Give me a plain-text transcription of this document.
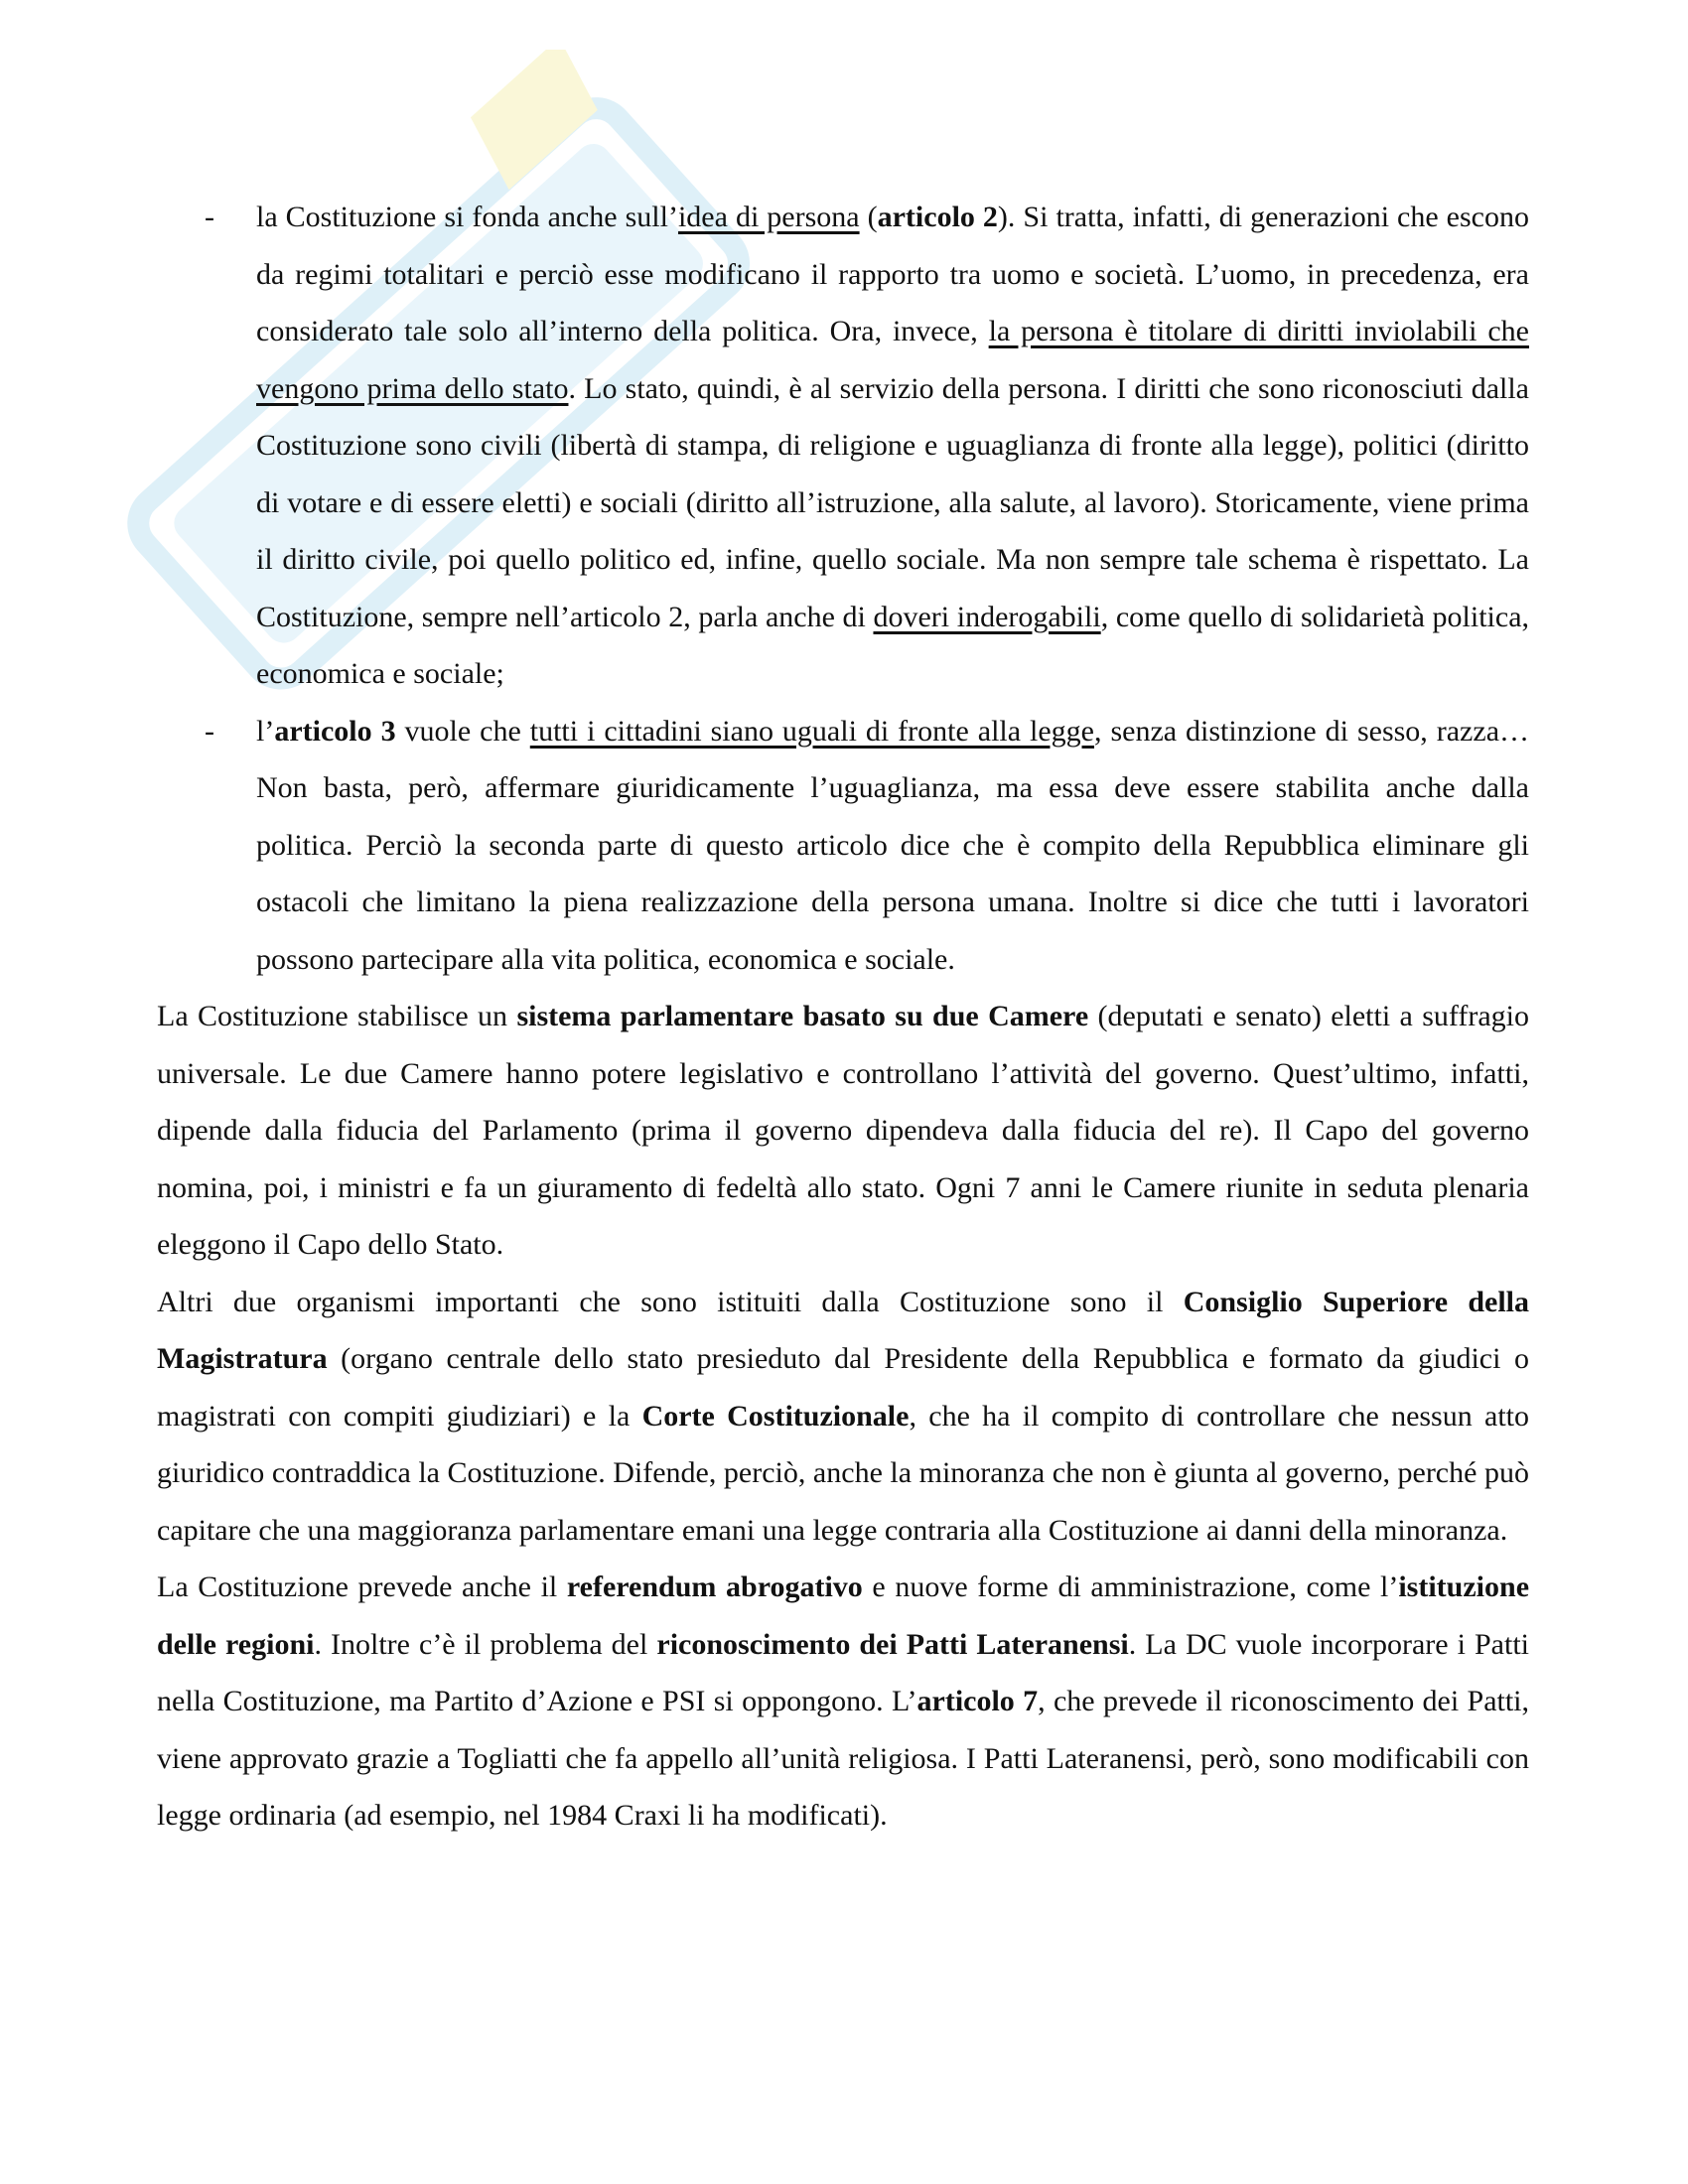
- la Costituzione si fonda anche sull’idea di persona (articolo 2). Si tratta, infatti, di generazioni che escono da regimi totalitari e perciò esse modificano il rapporto tra uomo e società. L’uomo, in precedenza, era considerato tale solo all’interno della politica. Ora, invece, la persona è titolare di diritti inviolabili che vengono prima dello stato. Lo stato, quindi, è al servizio della persona. I diritti che sono riconosciuti dalla Costituzione sono civili (libertà di stampa, di religione e uguaglianza di fronte alla legge), politici (diritto di votare e di essere eletti) e sociali (diritto all’istruzione, alla salute, al lavoro). Storicamente, viene prima il diritto civile, poi quello politico ed, infine, quello sociale. Ma non sempre tale schema è rispettato. La Costituzione, sempre nell’articolo 2, parla anche di doveri inderogabili, come quello di solidarietà politica, economica e sociale;

- l’articolo 3 vuole che tutti i cittadini siano uguali di fronte alla legge, senza distinzione di sesso, razza… Non basta, però, affermare giuridicamente l’uguaglianza, ma essa deve essere stabilita anche dalla politica. Perciò la seconda parte di questo articolo dice che è compito della Repubblica eliminare gli ostacoli che limitano la piena realizzazione della persona umana. Inoltre si dice che tutti i lavoratori possono partecipare alla vita politica, economica e sociale.

La Costituzione stabilisce un sistema parlamentare basato su due Camere (deputati e senato) eletti a suffragio universale. Le due Camere hanno potere legislativo e controllano l’attività del governo. Quest’ultimo, infatti, dipende dalla fiducia del Parlamento (prima il governo dipendeva dalla fiducia del re). Il Capo del governo nomina, poi, i ministri e fa un giuramento di fedeltà allo stato. Ogni 7 anni le Camere riunite in seduta plenaria eleggono il Capo dello Stato.

Altri due organismi importanti che sono istituiti dalla Costituzione sono il Consiglio Superiore della Magistratura (organo centrale dello stato presieduto dal Presidente della Repubblica e formato da giudici o magistrati con compiti giudiziari) e la Corte Costituzionale, che ha il compito di controllare che nessun atto giuridico contraddica la Costituzione. Difende, perciò, anche la minoranza che non è giunta al governo, perché può capitare che una maggioranza parlamentare emani una legge contraria alla Costituzione ai danni della minoranza.

La Costituzione prevede anche il referendum abrogativo e nuove forme di amministrazione, come l’istituzione delle regioni. Inoltre c’è il problema del riconoscimento dei Patti Lateranensi. La DC vuole incorporare i Patti nella Costituzione, ma Partito d’Azione e PSI si oppongono. L’articolo 7, che prevede il riconoscimento dei Patti, viene approvato grazie a Togliatti che fa appello all’unità religiosa. I Patti Lateranensi, però, sono modificabili con legge ordinaria (ad esempio, nel 1984 Craxi li ha modificati).
